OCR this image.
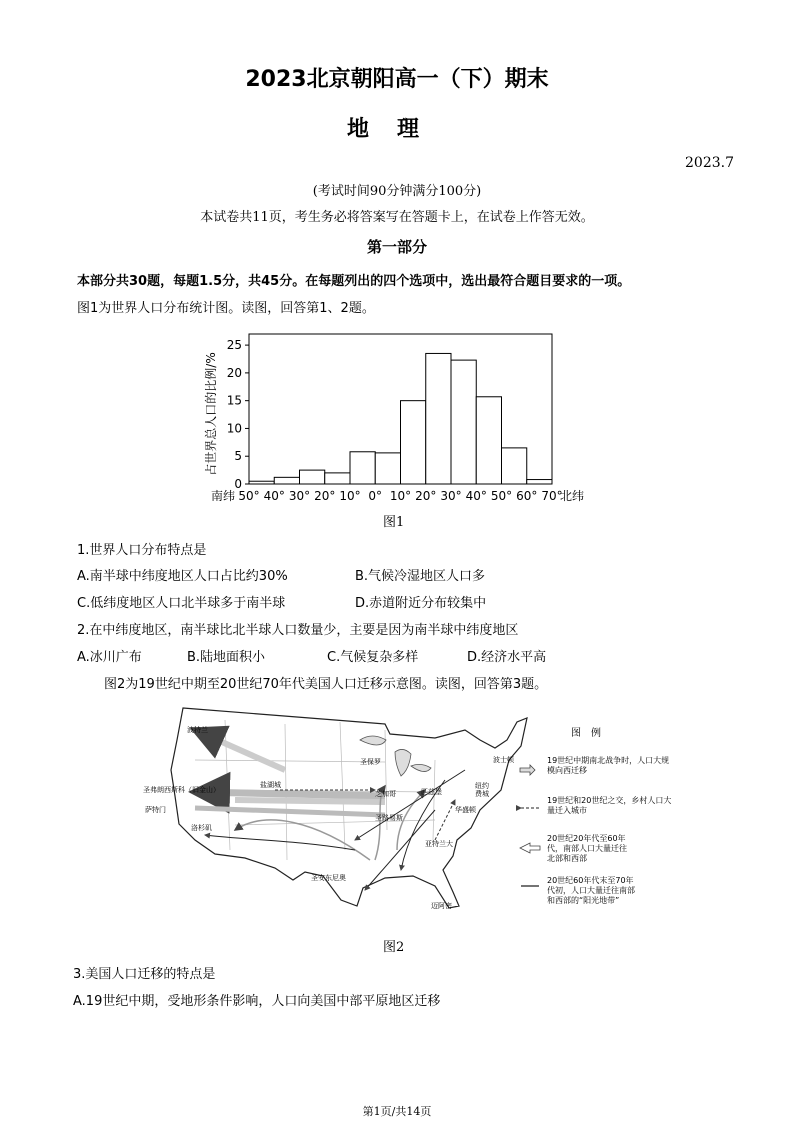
2023北京朝阳高一（下）期末
地理
2023.7
(考试时间90分钟满分100分)
本试卷共11页，考生务必将答案写在答题卡上，在试卷上作答无效。
第一部分
本部分共30题，每题1.5分，共45分。在每题列出的四个选项中，选出最符合题目要求的一项。
图1为世界人口分布统计图。读图，回答第1、2题。
0
5
10
15
20
25
50° 40° 30° 20° 10° 0° 10° 20° 30° 40° 50° 60° 70°
占世界总人口的比例/%
南纬	北纬
图1
1.世界人口分布特点是
A.南半球中纬度地区人口占比约30%	B.气候冷湿地区人口多
C.低纬度地区人口北半球多于南半球	D.赤道附近分布较集中
2.在中纬度地区，南半球比北半球人口数量少，主要是因为南半球中纬度地区
A.冰川广布	B.陆地面积小	C.气候复杂多样	D.经济水平高
图2为19世纪中期至20世纪70年代美国人口迁移示意图。读图，回答第3题。
波特兰
圣弗朗西斯科（旧金山）
萨特门
洛杉矶
盐湖城
圣保罗
芝加哥	匹兹堡
圣路易斯
波士顿
纽约
费城
华盛顿
亚特兰大
圣安东尼奥
迈阿密
图　例
19世纪中期南北战争时，人口大规模向西迁移
19世纪和20世纪之交，乡村人口大量迁入城市
20世纪20年代至60年代，南部人口大量迁往北部和西部
20世纪60年代末至70年代初，人口大量迁往南部和西部的“阳光地带”
图2
3.美国人口迁移的特点是
A.19世纪中期，受地形条件影响，人口向美国中部平原地区迁移
第1页/共14页
